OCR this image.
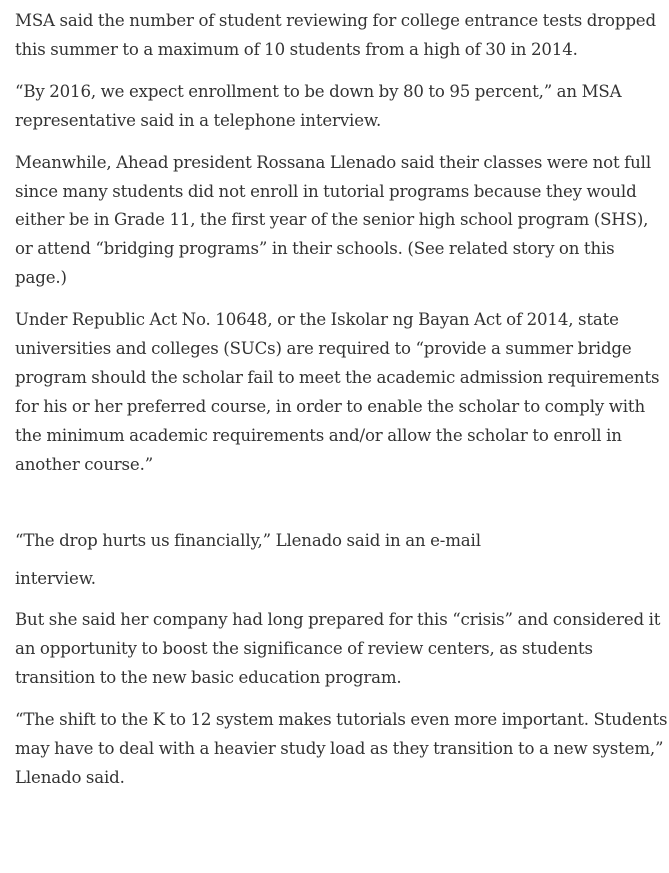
MSA said the number of student reviewing for college entrance tests dropped this summer to a maximum of 10 students from a high of 30 in 2014.

“By 2016, we expect enrollment to be down by 80 to 95 percent,” an MSA representative said in a telephone interview.

Meanwhile, Ahead president Rossana Llenado said their classes were not full since many students did not enroll in tutorial programs because they would either be in Grade 11, the first year of the senior high school program (SHS), or attend “bridging programs” in their schools. (See related story on this page.)

Under Republic Act No. 10648, or the Iskolar ng Bayan Act of 2014, state universities and colleges (SUCs) are required to “provide a summer bridge program should the scholar fail to meet the academic admission requirements for his or her preferred course, in order to enable the scholar to comply with the minimum academic requirements and/or allow the scholar to enroll in another course.”

“The drop hurts us financially,” Llenado said in an e-mail

interview.

But she said her company had long prepared for this “crisis” and considered it an opportunity to boost the significance of review centers, as students transition to the new basic education program.

“The shift to the K to 12 system makes tutorials even more important. Students may have to deal with a heavier study load as they transition to a new system,” Llenado said.
